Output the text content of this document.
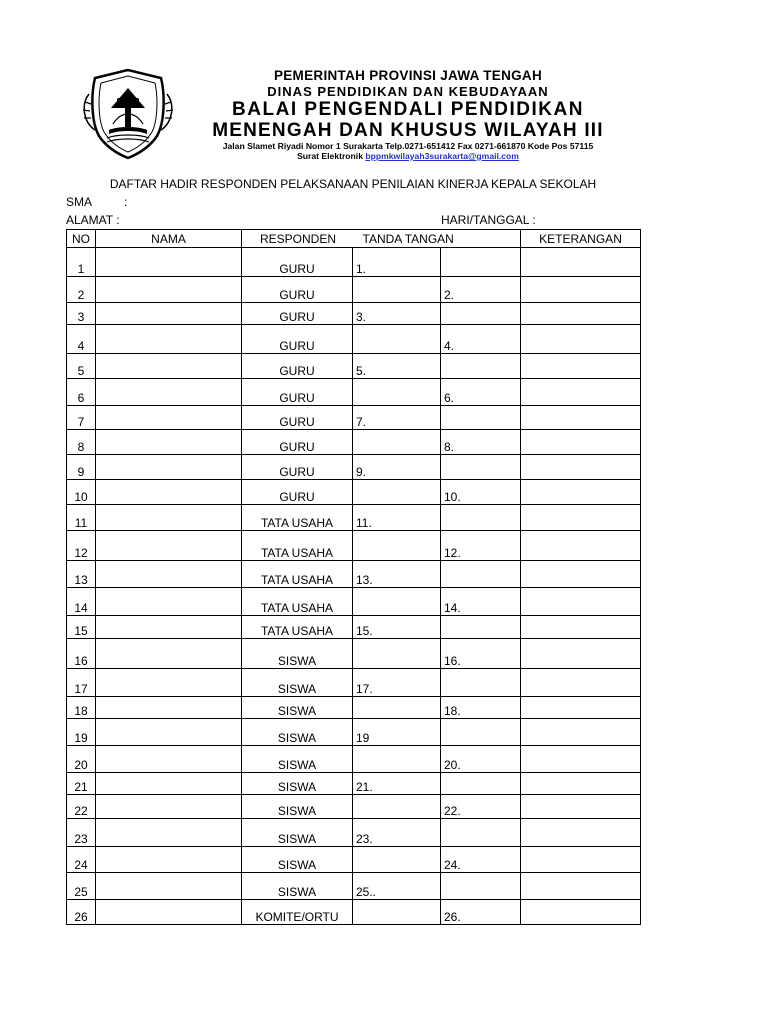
PEMERINTAH PROVINSI JAWA TENGAH
DINAS PENDIDIKAN DAN KEBUDAYAAN
BALAI PENGENDALI PENDIDIKAN
MENENGAH DAN KHUSUS WILAYAH III
Jalan Slamet Riyadi Nomor 1 Surakarta Telp.0271-651412 Fax 0271-661870 Kode Pos 57115
Surat Elektronik bppmkwilayah3surakarta@gmail.com
DAFTAR HADIR RESPONDEN PELAKSANAAN PENILAIAN KINERJA KEPALA SEKOLAH
SMA	:
ALAMAT :	HARI/TANGGAL :
NO	NAMA	RESPONDEN	TANDA TANGAN		KETERANGAN
1		GURU	1.		
2		GURU		2.	
3		GURU	3.		
4		GURU		4.	
5		GURU	5.		
6		GURU		6.	
7		GURU	7.		
8		GURU		8.	
9		GURU	9.		
10		GURU		10.	
11		TATA USAHA	11.		
12		TATA USAHA		12.	
13		TATA USAHA	13.		
14		TATA USAHA		14.	
15		TATA USAHA	15.		
16		SISWA		16.	
17		SISWA	17.		
18		SISWA		18.	
19		SISWA	19		
20		SISWA		20.	
21		SISWA	21.		
22		SISWA		22.	
23		SISWA	23.		
24		SISWA		24.	
25		SISWA	25..		
26		KOMITE/ORTU		26.	
